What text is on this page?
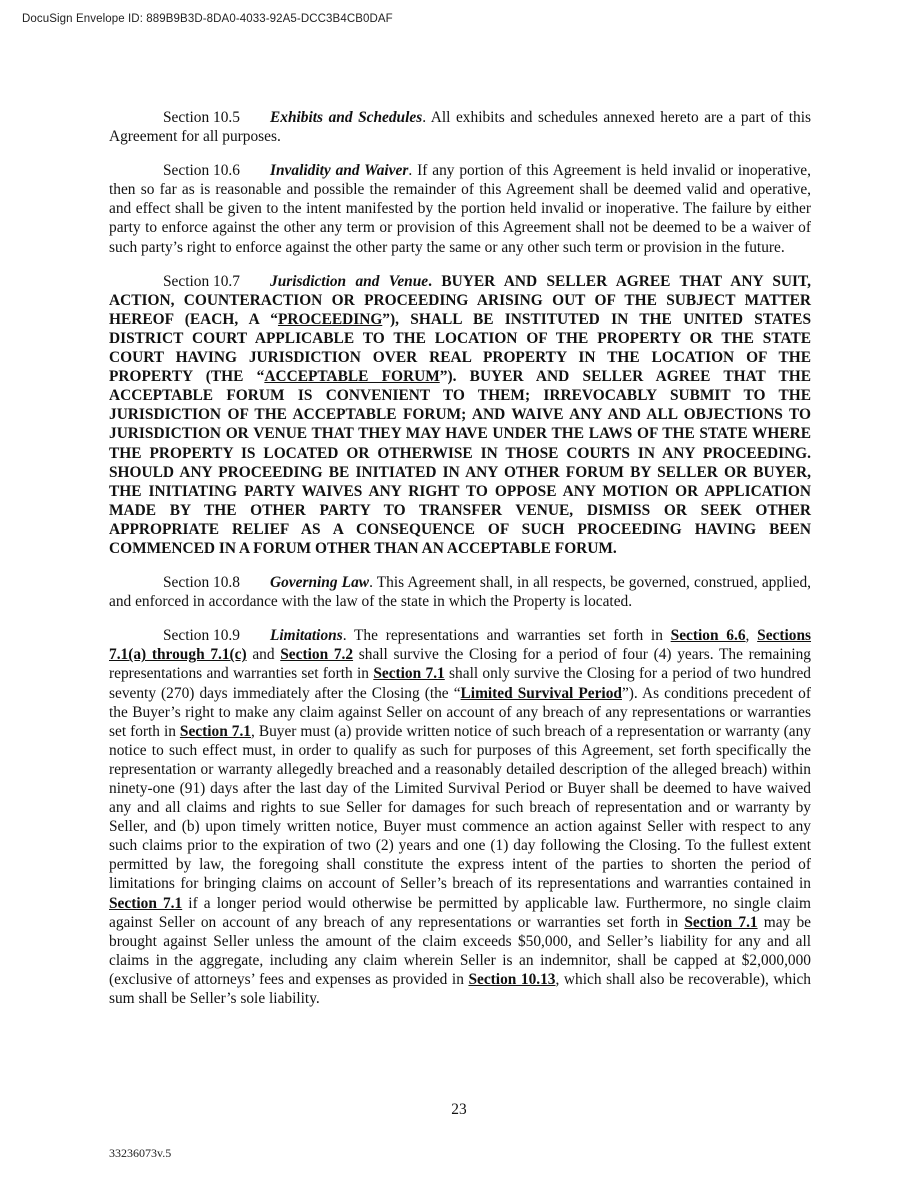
DocuSign Envelope ID: 889B9B3D-8DA0-4033-92A5-DCC3B4CB0DAF

Section 10.5 Exhibits and Schedules. All exhibits and schedules annexed hereto are a part of this Agreement for all purposes.

Section 10.6 Invalidity and Waiver. If any portion of this Agreement is held invalid or inoperative, then so far as is reasonable and possible the remainder of this Agreement shall be deemed valid and operative, and effect shall be given to the intent manifested by the portion held invalid or inoperative. The failure by either party to enforce against the other any term or provision of this Agreement shall not be deemed to be a waiver of such party’s right to enforce against the other party the same or any other such term or provision in the future.

Section 10.7 Jurisdiction and Venue. BUYER AND SELLER AGREE THAT ANY SUIT, ACTION, COUNTERACTION OR PROCEEDING ARISING OUT OF THE SUBJECT MATTER HEREOF (EACH, A “PROCEEDING”), SHALL BE INSTITUTED IN THE UNITED STATES DISTRICT COURT APPLICABLE TO THE LOCATION OF THE PROPERTY OR THE STATE COURT HAVING JURISDICTION OVER REAL PROPERTY IN THE LOCATION OF THE PROPERTY (THE “ACCEPTABLE FORUM”). BUYER AND SELLER AGREE THAT THE ACCEPTABLE FORUM IS CONVENIENT TO THEM; IRREVOCABLY SUBMIT TO THE JURISDICTION OF THE ACCEPTABLE FORUM; AND WAIVE ANY AND ALL OBJECTIONS TO JURISDICTION OR VENUE THAT THEY MAY HAVE UNDER THE LAWS OF THE STATE WHERE THE PROPERTY IS LOCATED OR OTHERWISE IN THOSE COURTS IN ANY PROCEEDING. SHOULD ANY PROCEEDING BE INITIATED IN ANY OTHER FORUM BY SELLER OR BUYER, THE INITIATING PARTY WAIVES ANY RIGHT TO OPPOSE ANY MOTION OR APPLICATION MADE BY THE OTHER PARTY TO TRANSFER VENUE, DISMISS OR SEEK OTHER APPROPRIATE RELIEF AS A CONSEQUENCE OF SUCH PROCEEDING HAVING BEEN COMMENCED IN A FORUM OTHER THAN AN ACCEPTABLE FORUM.

Section 10.8 Governing Law. This Agreement shall, in all respects, be governed, construed, applied, and enforced in accordance with the law of the state in which the Property is located.

Section 10.9 Limitations. The representations and warranties set forth in Section 6.6, Sections 7.1(a) through 7.1(c) and Section 7.2 shall survive the Closing for a period of four (4) years. The remaining representations and warranties set forth in Section 7.1 shall only survive the Closing for a period of two hundred seventy (270) days immediately after the Closing (the “Limited Survival Period”). As conditions precedent of the Buyer’s right to make any claim against Seller on account of any breach of any representations or warranties set forth in Section 7.1, Buyer must (a) provide written notice of such breach of a representation or warranty (any notice to such effect must, in order to qualify as such for purposes of this Agreement, set forth specifically the representation or warranty allegedly breached and a reasonably detailed description of the alleged breach) within ninety-one (91) days after the last day of the Limited Survival Period or Buyer shall be deemed to have waived any and all claims and rights to sue Seller for damages for such breach of representation and or warranty by Seller, and (b) upon timely written notice, Buyer must commence an action against Seller with respect to any such claims prior to the expiration of two (2) years and one (1) day following the Closing. To the fullest extent permitted by law, the foregoing shall constitute the express intent of the parties to shorten the period of limitations for bringing claims on account of Seller’s breach of its representations and warranties contained in Section 7.1 if a longer period would otherwise be permitted by applicable law. Furthermore, no single claim against Seller on account of any breach of any representations or warranties set forth in Section 7.1 may be brought against Seller unless the amount of the claim exceeds $50,000, and Seller’s liability for any and all claims in the aggregate, including any claim wherein Seller is an indemnitor, shall be capped at $2,000,000 (exclusive of attorneys’ fees and expenses as provided in Section 10.13, which shall also be recoverable), which sum shall be Seller’s sole liability.

23
33236073v.5
